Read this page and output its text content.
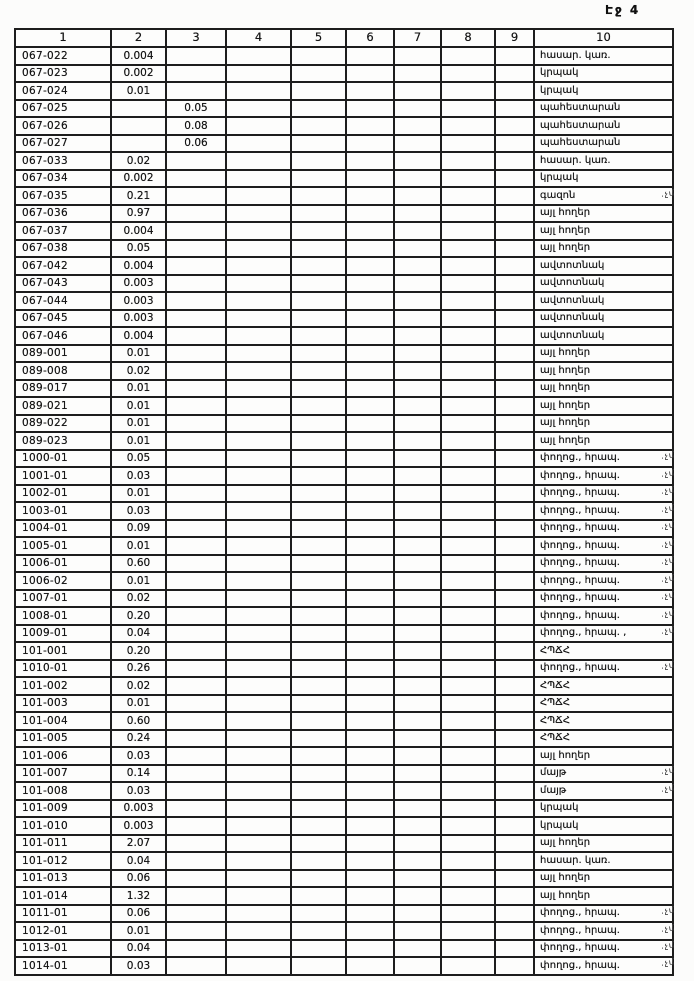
Էջ 4
1	2	3	4	5	6	7	8	9	10
067-022	0.004								հասար. կառ.
067-023	0.002								կրպակ
067-024	0.01								կրպակ
067-025		0.05							պահեստարան
067-026		0.08							պահեստարան
067-027		0.06							պահեստարան
067-033	0.02								հասար. կառ.
067-034	0.002								կրպակ
067-035	0.21								գազոն
067-036	0.97								այլ հողեր
067-037	0.004								այլ հողեր
067-038	0.05								այլ հողեր
067-042	0.004								ավտոտնակ
067-043	0.003								ավտոտնակ
067-044	0.003								ավտոտնակ
067-045	0.003								ավտոտնակ
067-046	0.004								ավտոտնակ
089-001	0.01								այլ հողեր
089-008	0.02								այլ հողեր
089-017	0.01								այլ հողեր
089-021	0.01								այլ հողեր
089-022	0.01								այլ հողեր
089-023	0.01								այլ հողեր
1000-01	0.05								փողոց., հրապ.
1001-01	0.03								փողոց., հրապ.
1002-01	0.01								փողոց., հրապ.
1003-01	0.03								փողոց., հրապ.
1004-01	0.09								փողոց., հրապ.
1005-01	0.01								փողոց., հրապ.
1006-01	0.60								փողոց., հրապ.
1006-02	0.01								փողոց., հրապ.
1007-01	0.02								փողոց., հրապ.
1008-01	0.20								փողոց., հրապ.
1009-01	0.04								փողոց., հրապ. ,
101-001	0.20								ՀՊՃՀ
1010-01	0.26								փողոց., հրապ.
101-002	0.02								ՀՊՃՀ
101-003	0.01								ՀՊՃՀ
101-004	0.60								ՀՊՃՀ
101-005	0.24								ՀՊՃՀ
101-006	0.03								այլ հողեր
101-007	0.14								մայթ
101-008	0.03								մայթ
101-009	0.003								կրպակ
101-010	0.003								կրպակ
101-011	2.07								այլ հողեր
101-012	0.04								հասար. կառ.
101-013	0.06								այլ հողեր
101-014	1.32								այլ հողեր
1011-01	0.06								փողոց., հրապ.
1012-01	0.01								փողոց., հրապ.
1013-01	0.04								փողոց., հրապ.
1014-01	0.03								փողոց., հրապ.
.չմ
.չմ
.չմ
.չմ
.չմ
.չմ
.չմ
.չմ
.չմ
.չմ
.չմ
.չմ
.չմ
.չմ
.չմ
.չմ
.չմ
.չմ
.չմ
